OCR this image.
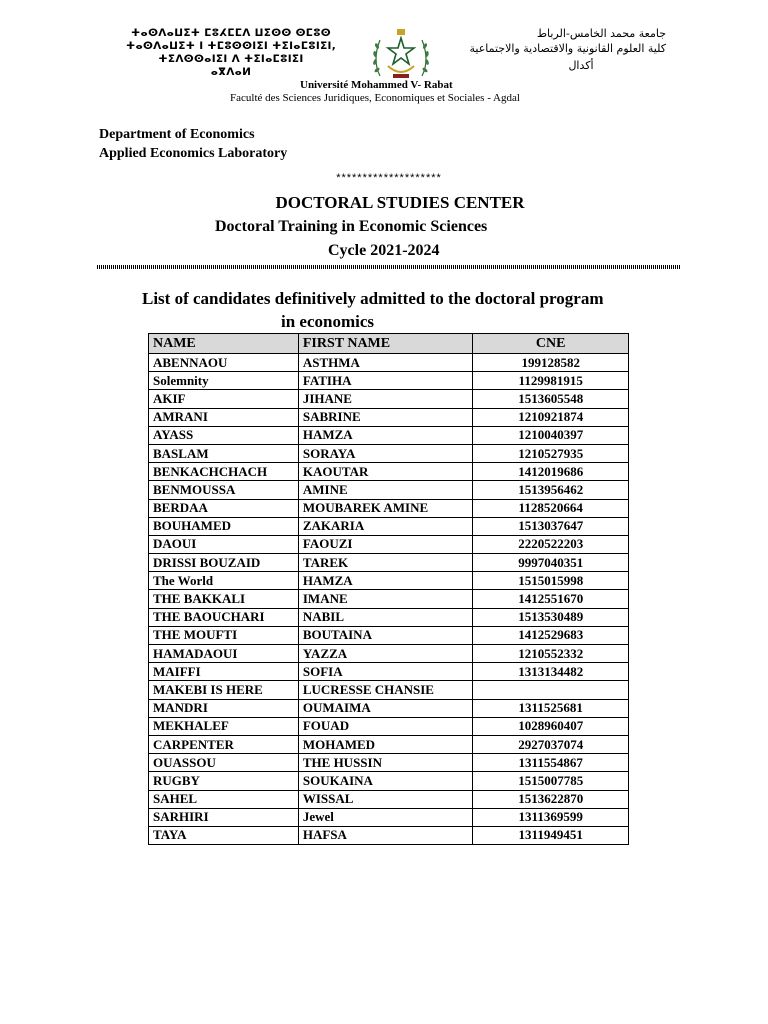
ⵜⴰⵙⴷⴰⵡⵉⵜ ⵎⵓⵃⵎⵎⴷ ⵡⵉⵙⵙ ⵙⵎⵓⵙ
ⵜⴰⵙⴷⴰⵡⵉⵜ ⵏ ⵜⵎⵓⵙⵙⵏⵉⵏ ⵜⵉⵏⴰⵎⵓⵏⵉⵏ,
ⵜⵉⴷⵙⵙⴰⵏⵉⵏ ⴷ ⵜⵉⵏⴰⵎⵓⵏⵉⵏ
ⴰⴳⴷⴰⵍ
جامعة محمد الخامس-الرباط
كلية العلوم القانونية والاقتصادية والاجتماعية
أكدال
Université Mohammed V- Rabat
Faculté des Sciences Juridiques, Economiques et Sociales - Agdal
Department of Economics
Applied Economics Laboratory
********************
DOCTORAL STUDIES CENTER
Doctoral Training in Economic Sciences
Cycle 2021-2024
List of candidates definitively admitted to the doctoral program
in economics
NAME	FIRST NAME	CNE
ABENNAOU	ASTHMA	199128582
Solemnity	FATIHA	1129981915
AKIF	JIHANE	1513605548
AMRANI	SABRINE	1210921874
AYASS	HAMZA	1210040397
BASLAM	SORAYA	1210527935
BENKACHCHACH	KAOUTAR	1412019686
BENMOUSSA	AMINE	1513956462
BERDAA	MOUBAREK AMINE	1128520664
BOUHAMED	ZAKARIA	1513037647
DAOUI	FAOUZI	2220522203
DRISSI BOUZAID	TAREK	9997040351
The World	HAMZA	1515015998
THE BAKKALI	IMANE	1412551670
THE BAOUCHARI	NABIL	1513530489
THE MOUFTI	BOUTAINA	1412529683
HAMADAOUI	YAZZA	1210552332
MAIFFI	SOFIA	1313134482
MAKEBI IS HERE	LUCRESSE CHANSIE	
MANDRI	OUMAIMA	1311525681
MEKHALEF	FOUAD	1028960407
CARPENTER	MOHAMED	2927037074
OUASSOU	THE HUSSIN	1311554867
RUGBY	SOUKAINA	1515007785
SAHEL	WISSAL	1513622870
SARHIRI	Jewel	1311369599
TAYA	HAFSA	1311949451
